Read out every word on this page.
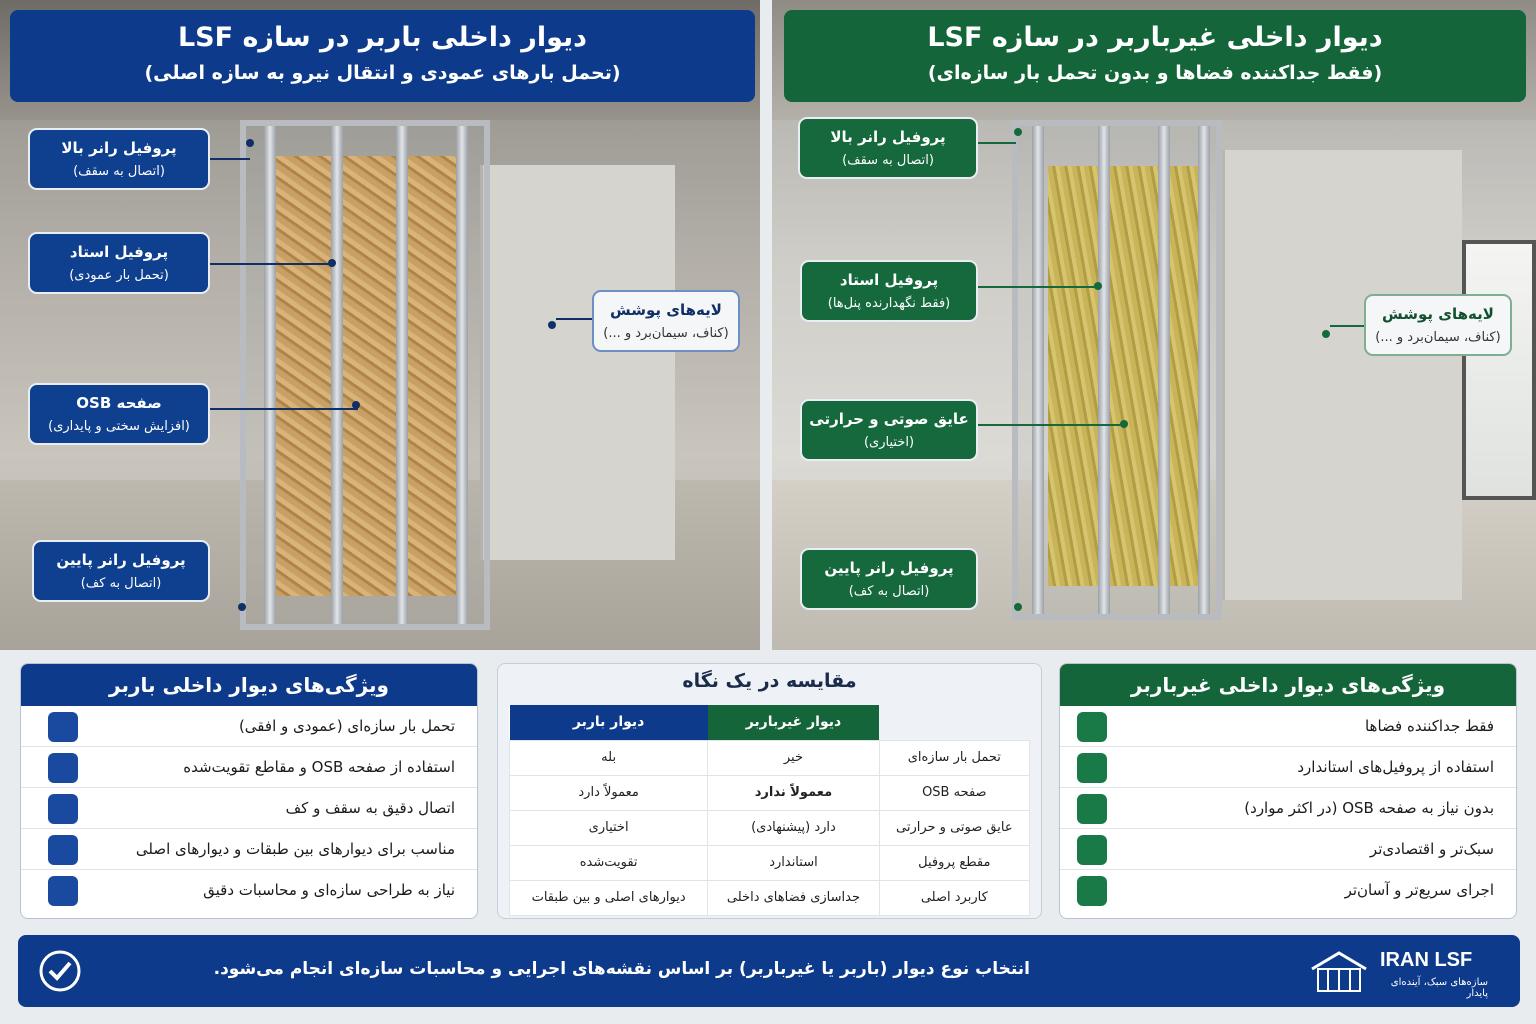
دیوار داخلی باربر در سازه LSF
(تحمل بارهای عمودی و انتقال نیرو به سازه اصلی)
دیوار داخلی غیرباربر در سازه LSF
(فقط جداکننده فضاها و بدون تحمل بار سازه‌ای)
پروفیل رانر بالا
(اتصال به سقف)
پروفیل استاد
(تحمل بار عمودی)
صفحه OSB
(افزایش سختی و پایداری)
پروفیل رانر پایین
(اتصال به کف)
لایه‌های پوشش
(کناف، سیمان‌برد و ...)
پروفیل رانر بالا
(اتصال به سقف)
پروفیل استاد
(فقط نگهدارنده پنل‌ها)
عایق صوتی و حرارتی
(اختیاری)
پروفیل رانر پایین
(اتصال به کف)
لایه‌های پوشش
(کناف، سیمان‌برد و ...)
ویژگی‌های دیوار داخلی باربر
تحمل بار سازه‌ای (عمودی و افقی)
استفاده از صفحه OSB و مقاطع تقویت‌شده
اتصال دقیق به سقف و کف
مناسب برای دیوارهای بین طبقات و دیوارهای اصلی
نیاز به طراحی سازه‌ای و محاسبات دقیق
مقایسه در یک نگاه
	دیوار غیرباربر	دیوار باربر
تحمل بار سازه‌ای	خیر	بله
صفحه OSB	معمولاً ندارد	معمولاً دارد
عایق صوتی و حرارتی	دارد (پیشنهادی)	اختیاری
مقطع پروفیل	استاندارد	تقویت‌شده
کاربرد اصلی	جداسازی فضاهای داخلی	دیوارهای اصلی و بین طبقات
ویژگی‌های دیوار داخلی غیرباربر
فقط جداکننده فضاها
استفاده از پروفیل‌های استاندارد
بدون نیاز به صفحه OSB (در اکثر موارد)
سبک‌تر و اقتصادی‌تر
اجرای سریع‌تر و آسان‌تر
انتخاب نوع دیوار (باربر یا غیرباربر) بر اساس نقشه‌های اجرایی و محاسبات سازه‌ای انجام می‌شود.	IRAN LSF
سازه‌های سبک، آینده‌ای پایدار
